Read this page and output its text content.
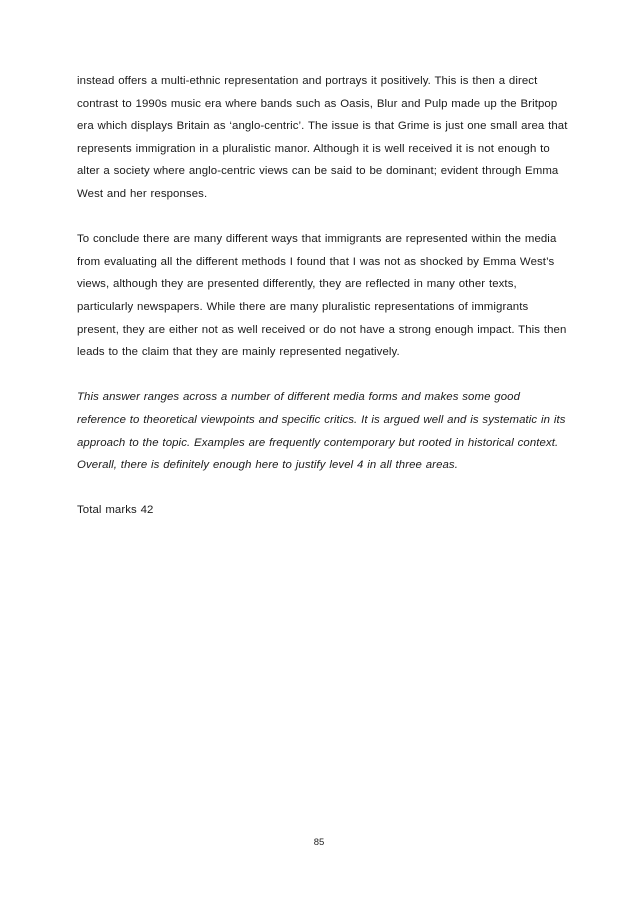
instead offers a multi-ethnic representation and portrays it positively. This is then a direct contrast to 1990s music era where bands such as Oasis, Blur and Pulp made up the Britpop era which displays Britain as ‘anglo-centric’. The issue is that Grime is just one small area that represents immigration in a pluralistic manor. Although it is well received it is not enough to alter a society where anglo-centric views can be said to be dominant; evident through Emma West and her responses.

To conclude there are many different ways that immigrants are represented within the media from evaluating all the different methods I found that I was not as shocked by Emma West’s views, although they are presented differently, they are reflected in many other texts, particularly newspapers. While there are many pluralistic representations of immigrants present, they are either not as well received or do not have a strong enough impact. This then leads to the claim that they are mainly represented negatively.

This answer ranges across a number of different media forms and makes some good reference to theoretical viewpoints and specific critics. It is argued well and is systematic in its approach to the topic. Examples are frequently contemporary but rooted in historical context. Overall, there is definitely enough here to justify level 4 in all three areas.

Total marks 42

85
